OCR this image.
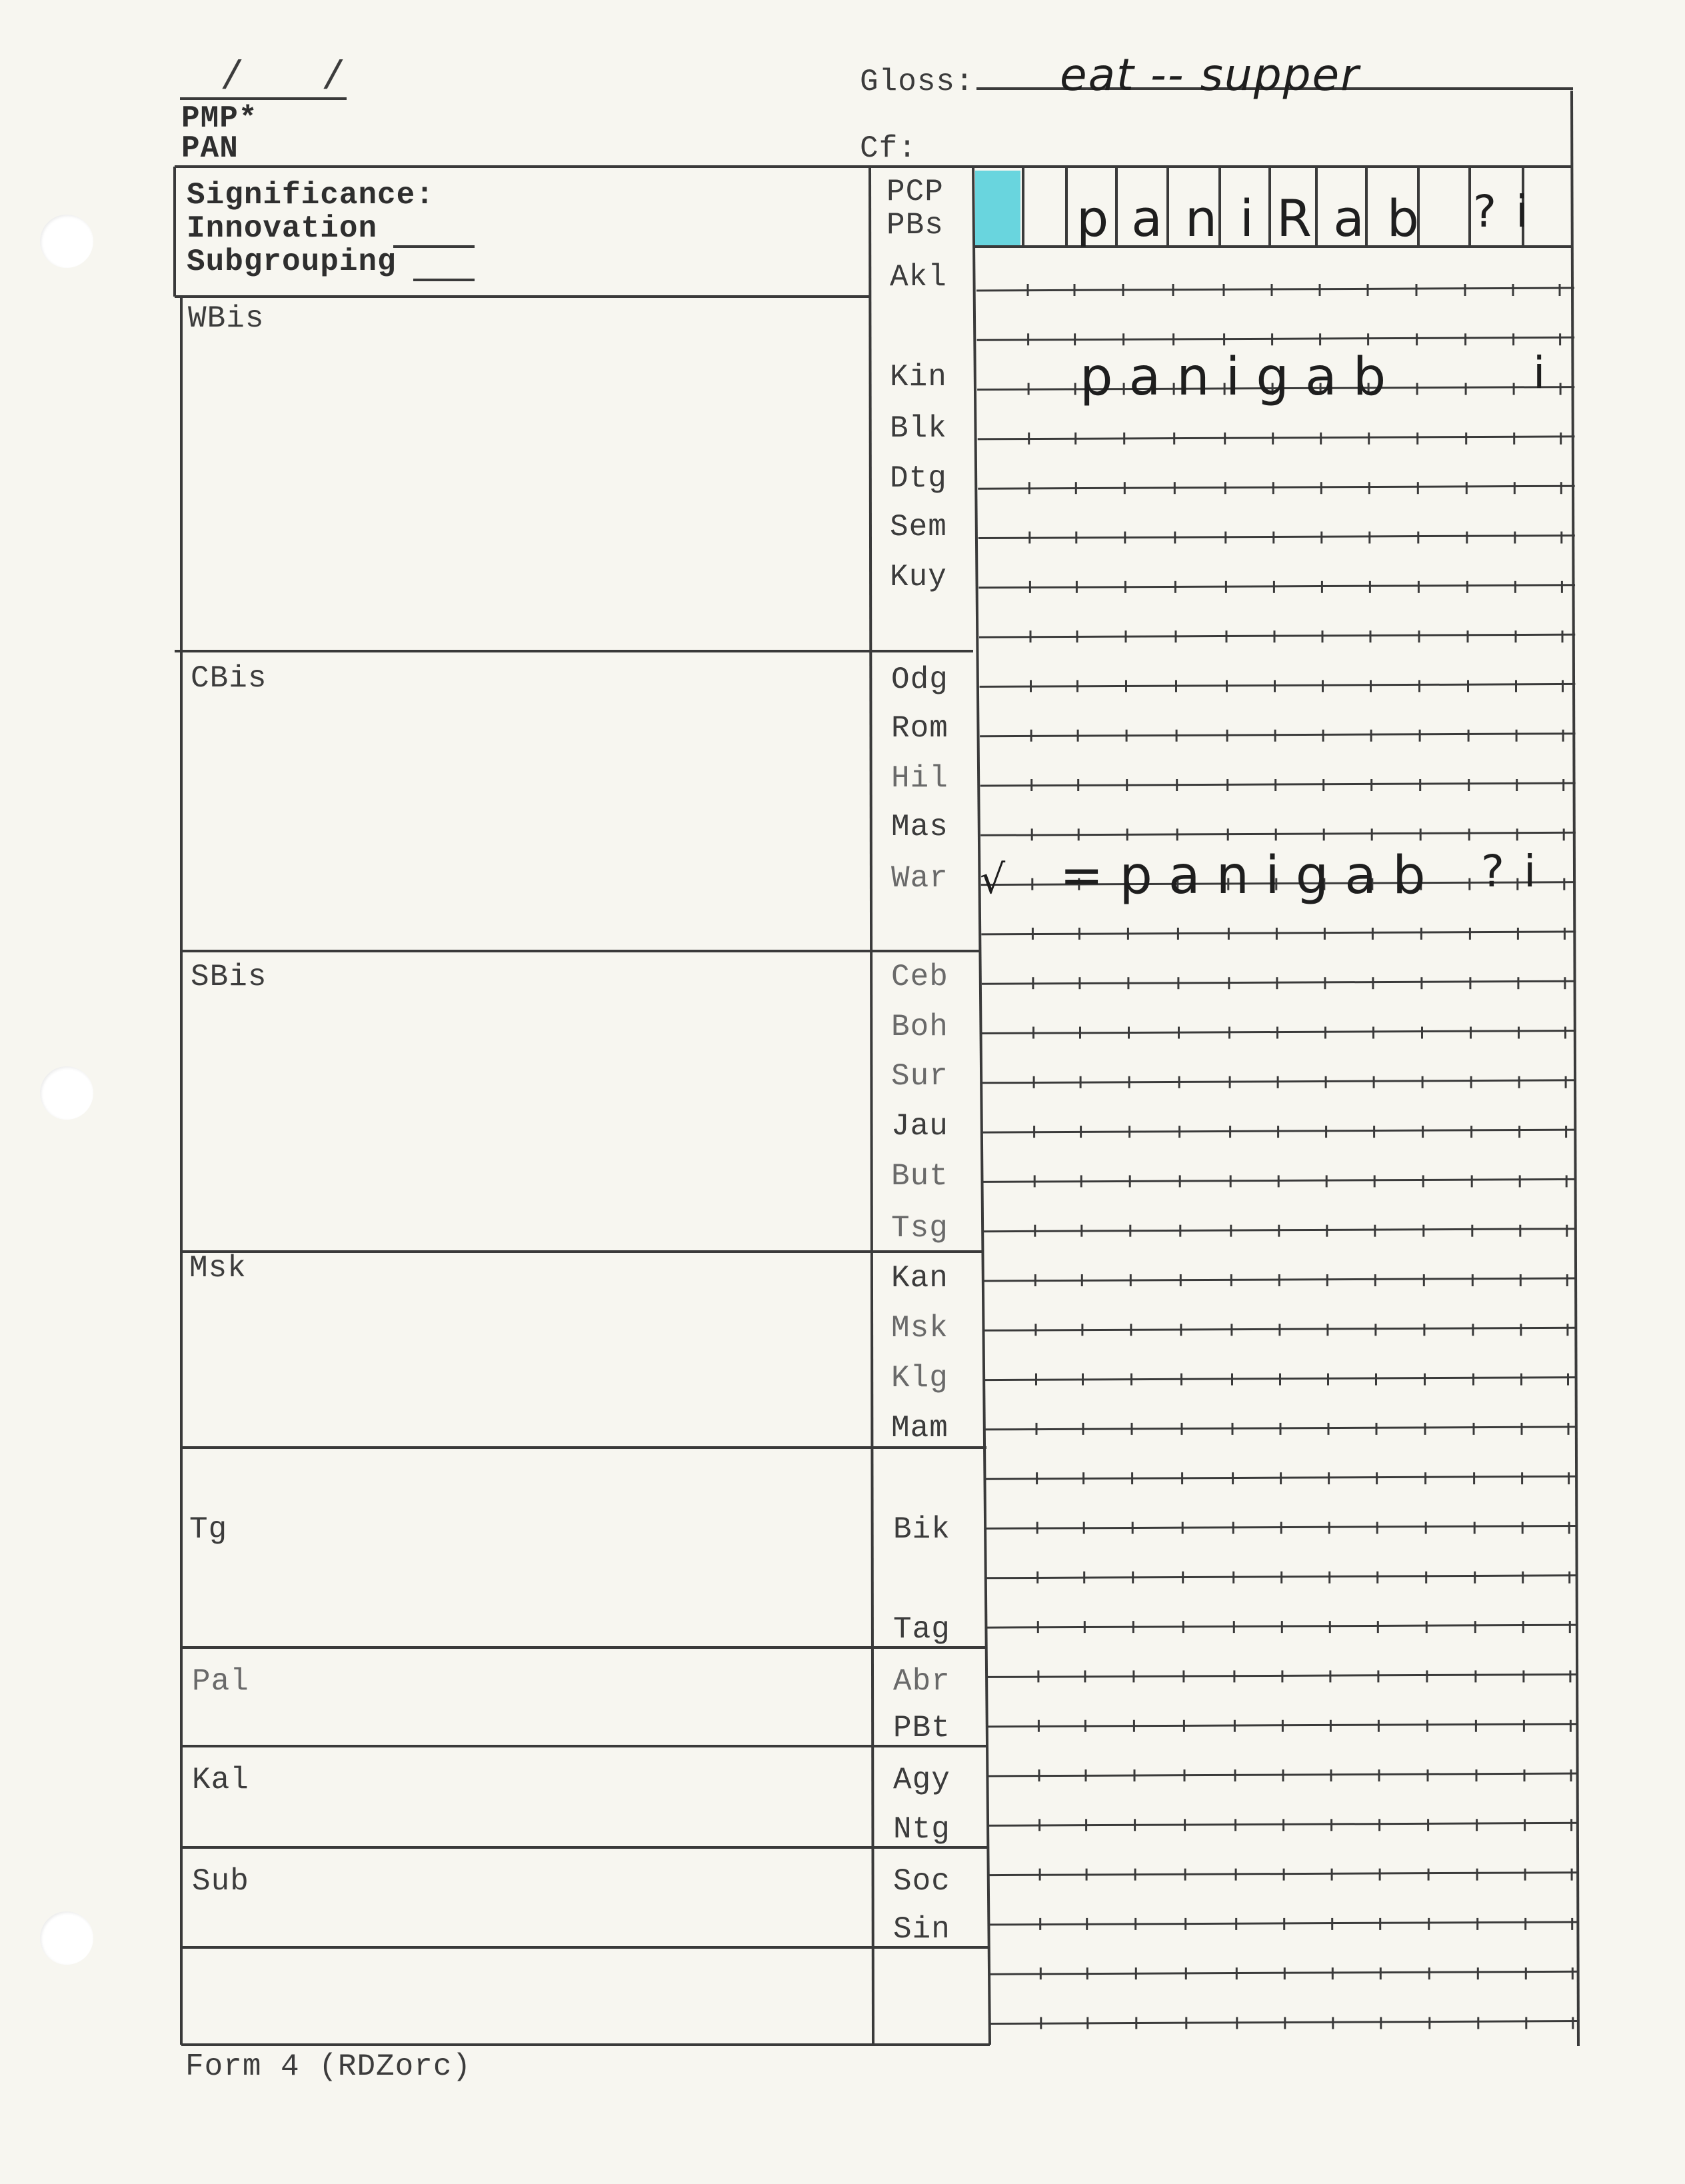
/ /
PMP*
PAN
Gloss: eat -- supper
Cf:
Significance:
Innovation
Subgrouping
WBis
CBis
SBis
Msk
Tg
Pal
Kal
Sub
PCP
PBs
Akl
Kin
Blk
Dtg
Sem
Kuy
Odg
Rom
Hil
Mas
War
Ceb
Boh
Sur
Jau
But
Tsg
Kan
Msk
Klg
Mam
Bik
Tag
Abr
PBt
Agy
Ntg
Soc
Sin
paniRab ? i
panigab	i
√ =panigab ? i
Form 4 (RDZorc)
